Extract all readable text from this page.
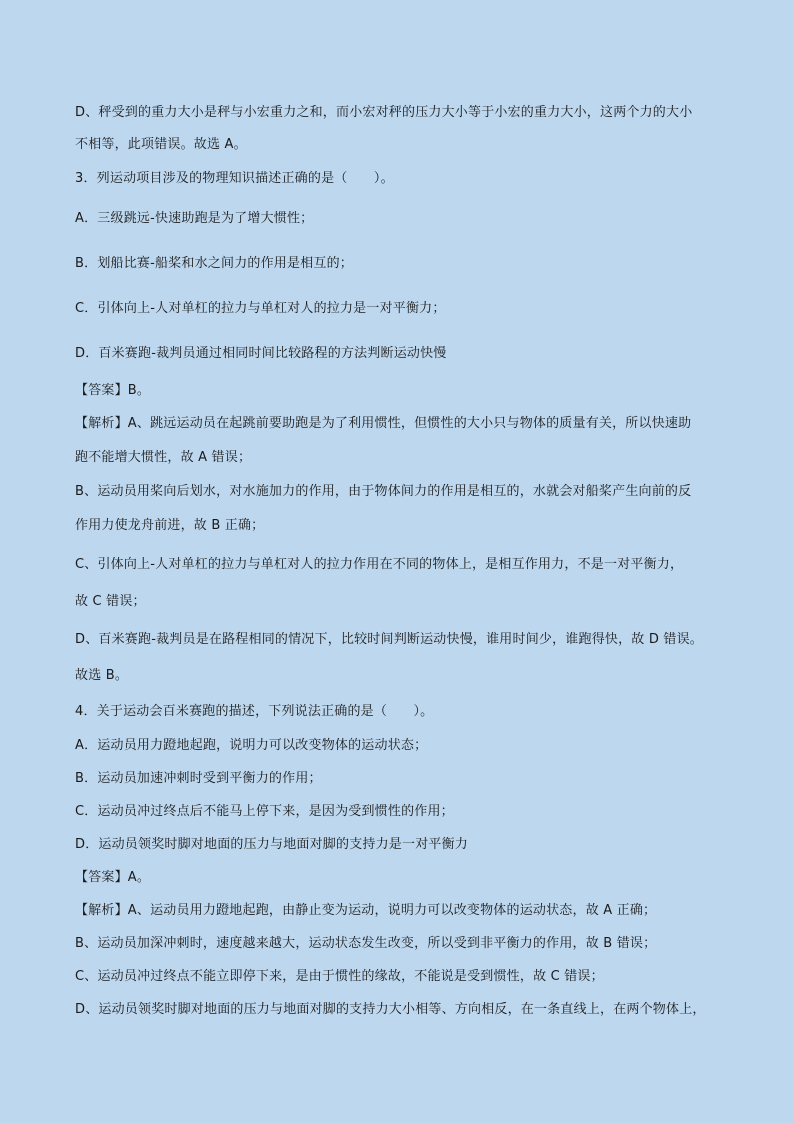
D、秤受到的重力大小是秤与小宏重力之和，而小宏对秤的压力大小等于小宏的重力大小，这两个力的大小
不相等，此项错误。故选 A。
3．列运动项目涉及的物理知识描述正确的是（　　）。
A．三级跳远-快速助跑是为了增大惯性；
B．划船比赛-船桨和水之间力的作用是相互的；
C．引体向上-人对单杠的拉力与单杠对人的拉力是一对平衡力；
D．百米赛跑-裁判员通过相同时间比较路程的方法判断运动快慢
【答案】B。
【解析】A、跳远运动员在起跳前要助跑是为了利用惯性，但惯性的大小只与物体的质量有关，所以快速助
跑不能增大惯性，故 A 错误；
B、运动员用桨向后划水，对水施加力的作用，由于物体间力的作用是相互的，水就会对船桨产生向前的反
作用力使龙舟前进，故 B 正确；
C、引体向上-人对单杠的拉力与单杠对人的拉力作用在不同的物体上，是相互作用力，不是一对平衡力，
故 C 错误；
D、百米赛跑-裁判员是在路程相同的情况下，比较时间判断运动快慢，谁用时间少，谁跑得快，故 D 错误。
故选 B。
4．关于运动会百米赛跑的描述，下列说法正确的是（　　）。
A．运动员用力蹬地起跑，说明力可以改变物体的运动状态；
B．运动员加速冲刺时受到平衡力的作用；
C．运动员冲过终点后不能马上停下来，是因为受到惯性的作用；
D．运动员领奖时脚对地面的压力与地面对脚的支持力是一对平衡力
【答案】A。
【解析】A、运动员用力蹬地起跑，由静止变为运动，说明力可以改变物体的运动状态，故 A 正确；
B、运动员加深冲刺时，速度越来越大，运动状态发生改变，所以受到非平衡力的作用，故 B 错误；
C、运动员冲过终点不能立即停下来，是由于惯性的缘故，不能说是受到惯性，故 C 错误；
D、运动员领奖时脚对地面的压力与地面对脚的支持力大小相等、方向相反，在一条直线上，在两个物体上，
